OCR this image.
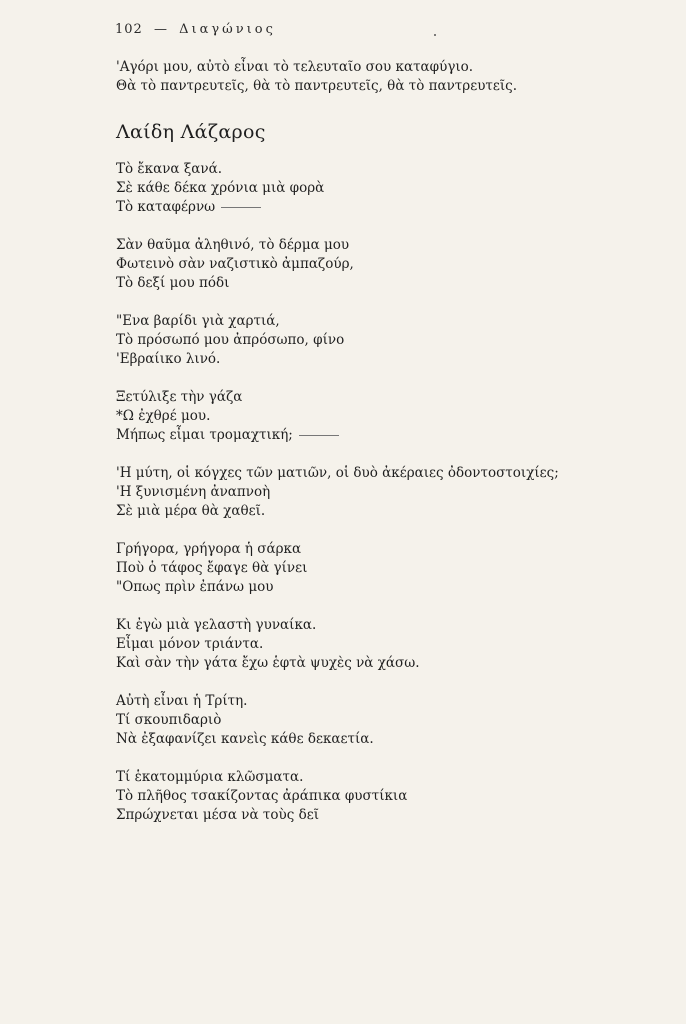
102 — Διαγώνιος
'Αγόρι μου, αὐτὸ εἶναι τὸ τελευταῖο σου καταφύγιο.
Θὰ τὸ παντρευτεῖς, θὰ τὸ παντρευτεῖς, θὰ τὸ παντρευτεῖς.
Λαίδη Λάζαρος
Τὸ ἔκανα ξανά.
Σὲ κάθε δέκα χρόνια μιὰ φορὰ
Τὸ καταφέρνω
Σὰν θαῦμα ἀληθινό, τὸ δέρμα μου
Φωτεινὸ σὰν ναζιστικὸ ἀμπαζούρ,
Τὸ δεξί μου πόδι
"Ενα βαρίδι γιὰ χαρτιά,
Τὸ πρόσωπό μου ἀπρόσωπο, φίνο
'Εβραίικο λινό.
Ξετύλιξε τὴν γάζα
*Ω ἐχθρέ μου.
Μήπως εἶμαι τρομαχτική;
'Η μύτη, οἱ κόγχες τῶν ματιῶν, οἱ δυὸ ἀκέραιες ὀδοντοστοιχίες;
'Η ξυνισμένη ἀναπνοὴ
Σὲ μιὰ μέρα θὰ χαθεῖ.
Γρήγορα, γρήγορα ἡ σάρκα
Ποὺ ὁ τάφος ἔφαγε θὰ γίνει
"Οπως πρὶν ἐπάνω μου
Κι ἐγὼ μιὰ γελαστὴ γυναίκα.
Εἶμαι μόνον τριάντα.
Καὶ σὰν τὴν γάτα ἔχω ἑφτὰ ψυχὲς νὰ χάσω.
Αὐτὴ εἶναι ἡ Τρίτη.
Τί σκουπιδαριὸ
Νὰ ἐξαφανίζει κανεὶς κάθε δεκαετία.
Τί ἑκατομμύρια κλῶσματα.
Τὸ πλῆθος τσακίζοντας ἀράπικα φυστίκια
Σπρώχνεται μέσα νὰ τοὺς δεῖ
